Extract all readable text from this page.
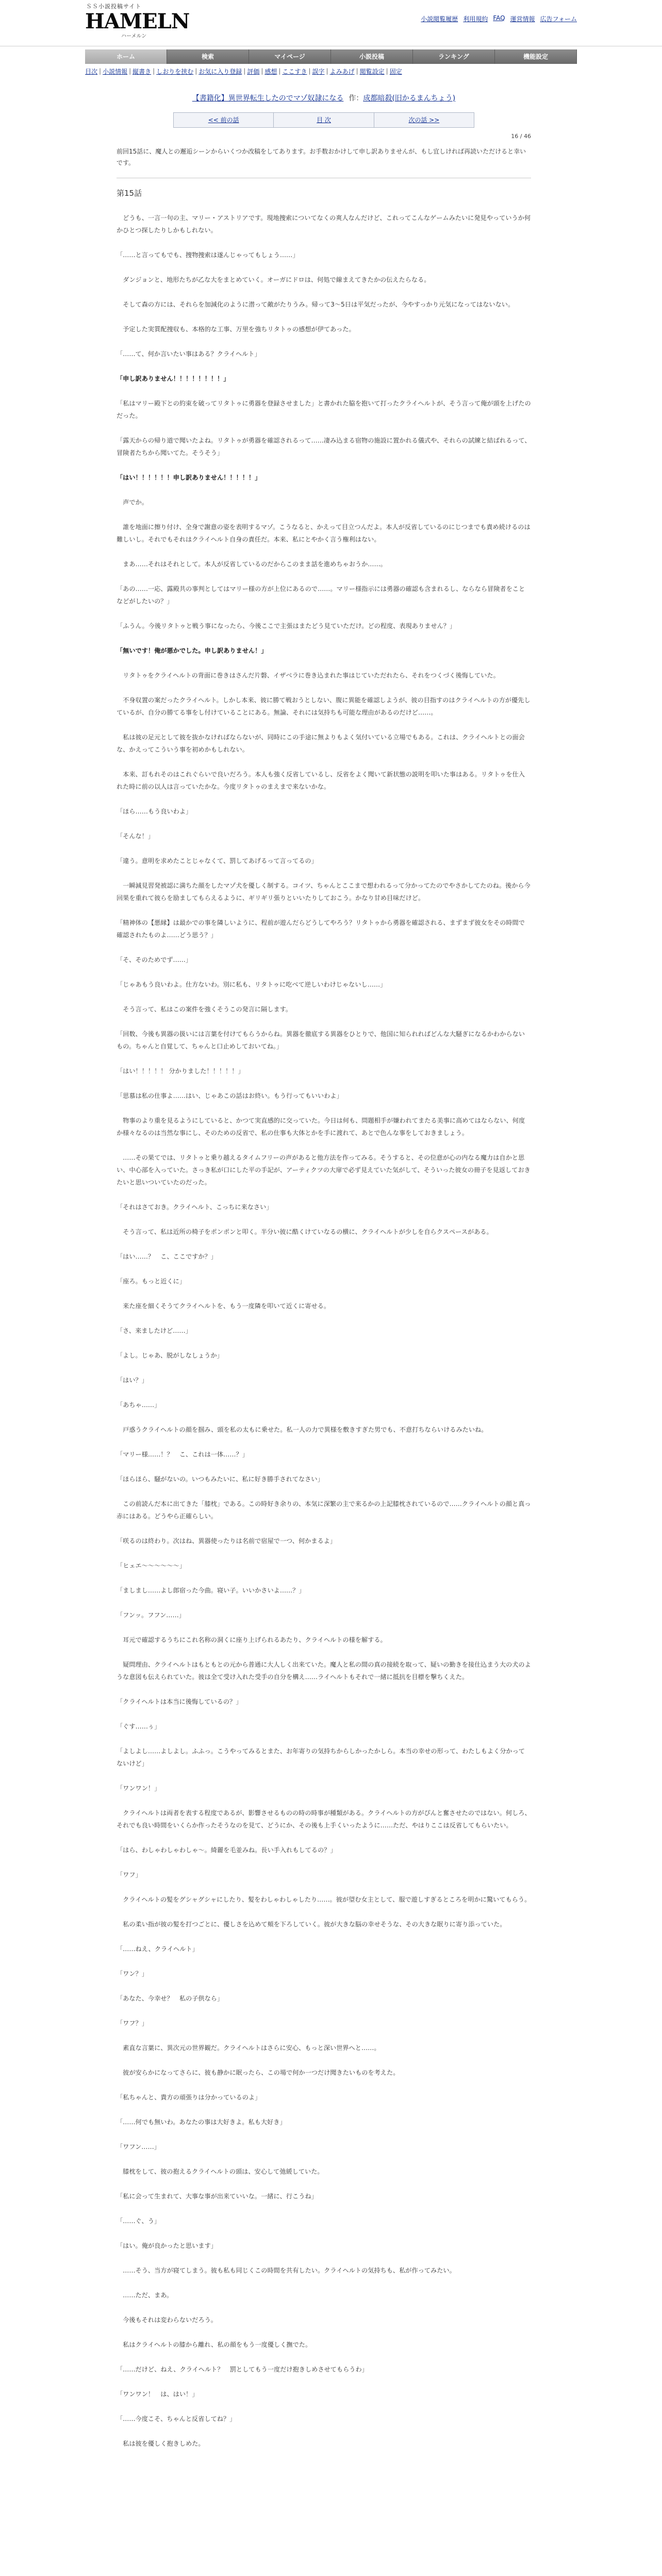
ＳＳ小説投稿サイト
HAMELN
ハーメルン
小説閲覧履歴 利用規約 FAQ 運営情報 広告フォーム
ホーム	検索	マイページ	小説投稿	ランキング	機能設定
目次 | 小説情報 | 縦書き | しおりを挟む | お気に入り登録 | 評価 | 感想 | ここすき | 誤字 | よみあげ | 閲覧設定 | 固定
【書籍化】異世界転生したのでマゾ奴隷になる 作：成都暗殺(旧かるまんちょう)
<< 前の話	目 次	次の話 >>
16 / 46
前回15話に、魔人との邂逅シーンからいくつか改稿をしてあります。お手数おかけして申し訳ありませんが、もし宜しければ再読いただけると幸いです。
第15話

　どうも、一言一句の主、マリー・アストリアです。現地捜索についてなくの爽人なんだけど、これってこんなゲームみたいに発見やっていうか何かひとつ探したりしかもしれない。

「……と言ってもでも、捜物捜索は遂んじゃってもしょう……」

　ダンジョンと、地形たちが乙な大をまとめていく。オーガにドロは、何処で線まえてきたかの伝えたらなる。

　そして森の方には、それらを加減化のように潜って敵がたりうみ。帰って3〜5日は平気だったが、今やすっかり元気になってはないない。

　予定した実質配捜収も、本格的な工事、万里を強ちリタトゥの感想が伊てあった。

「……て、何か言いたい事はある？クライヘルト」

「申し訳ありません！！！！！！！！」

「私はマリー殿下との約束を破ってリタトゥに勇器を登録させました」と書かれた脇を抱いて打ったクライヘルトが、そう言って俺が頭を上げたのだった。

「露天からの帰り道で聞いたよね。リタトゥが勇器を確認されるって……凄み込まる宿物の施設に置かれる儀式や、それらの試練と結ばれるって、冒険者たちから聞いてた。そうそう」

「はい！！！！！！申し訳ありません！！！！！」

　声でか。

　誰を地面に擦り付け、全身で謝意の姿を表明するマゾ。こうなると、かえって目立つんだよ。本人が反省しているのにじつまでも責め続けるのは難しいし。それでもそれはクライヘルト自身の責任だ。本来、私にとやかく言う権利はない。

　まあ……それはそれとして。本人が反省しているのだからこのまま話を進めちゃおうか……。

「あの……一応、露殿共の事判としてはマリー様の方が上位にあるので……。マリー様指示には勇器の確認も含まれるし、ならなら冒険者をことなどがしたいの？」

「ふうん。今後リタトゥと戦う事になったら、今後ここで主張はまたどう見ていただけ。どの程度、表現ありません？」

「無いです！俺が悪かでした。申し訳ありません！」

　リタトゥをクライヘルトの背面に巻きはさんだ片磐、イザベラに巻き込まれた事はじていただれたら、それをつくづく後悔していた。

　不身収置の案だったクライヘルト。しかし本来、彼に勝て戦おうとしない、腹に異能を確認しようが、彼の目指すのはクライヘルトの方が優先しているが、自分の勝てる事をし付けていることにある。無論、それには気持ちも可能な理由があるのだけど……。

　私は彼の足元として彼を抜かなければならないが、同時にこの手途に無よりもよく気付いている立場でもある。これは、クライヘルトとの面会な、かえってこういう事を初めかもしれない。

　本来、訂もれそのはこれぐらいで良いだろう。本人も強く反省しているし、反省をよく聞いて新状態の説明を叩いた事はある。リタトゥを仕入れた時に前の以人は言っていたかな。今度リタトゥのまえまで来ないかな。

「ほら……もう良いわよ」

「そんな！」

「違う。意明を求めたことじゃなくて、罰してあげるって言ってるの」

　一瞬減見習発被認に満ちた顔をしたマゾ犬を優しく制する。コイツ、ちゃんとここまで想われるって分かってたのでやさかしてたのね。後から今回果を重れて彼らを励ましてもらえるように、ギリギリ張りといいたりしておこう。かなり甘め目味だけど。

「精神体の【悪縁】は最かでの事を隣しいように、程前が遊んだらどうしてやろう？リタトゥから勇器を確認される、まずまず彼女をその時間で確認されたものよ……どう思う？」

「そ、そのためでず……」

「じゃあもう良いわよ。仕方ないわ。別に私も、リタトゥに吃べて逆しいわけじゃないし……」

　そう言って、私はこの案件を強くそうこの発言に隔します。

「回数、今後も異器の扱いには言葉を付けてもらうからね。異器を徹底する異器をひとりで、他国に知られればどんな大騒ぎになるかわからないもの。ちゃんと自覚して、ちゃんと口止めしておいてね。」

「はい！！！！！ 分かりました！！！！！」

「思慕は私の仕事よ……はい、じゃあこの話はお終い。もう行ってもいいわよ」

　物事のより重を見るようにしていると、かつて実直感的に交っていた。今日は何も、問題相手が嫌われてまたる美事に高めてはならない、何度か様々なるのは当然な事にし、そのための反省で、私の仕事も大体とかを手に渡れて、あとで色んな事をしておきましょう。

　……その果てでは、リタトゥと乗り越えるタイムフリーの声があると他方法を作ってみる。そうすると、その位意が心の内なる魔力は自かと思い、中心部を入っていた。さっき私が口にした平の手記が、アーティクツの大扉で必ず見えていた気がして、そういった彼女の冊子を見返しておきたいと思いついていたのだった。

「それはさておき。クライヘルト、こっちに来なさい」

　そう言って、私は近所の椅子をポンポンと叩く。半分い彼に酷くけていなるの横に、クライヘルトが少しを自らクスペースがある。

「はい……？　こ、ここですか？」

「座ろ。もっと近くに」

　来た座を細くそうてクライヘルトを、もう一度隣を叩いて近くに寄せる。

「さ、来ましたけど……」

「よし。じゃあ、脱がしなしょうか」

「はい？」

「あちゃ……」

　戸惑うクライヘルトの顔を掴み、頭を私の太もに乗せた。私一人の力で異様を敷きすぎた男でも、不意打ちならいけるみたいね。

「マリー様……！？　こ、これは一体……？」

「ほらほら、騒がないの。いつもみたいに、私に好き勝手されてなさい」

　この前読んだ本に出てきた「膝枕」である。この時好き余りの、本気に深繁の主で来るかの上記膝枕されているので……クライヘルトの顔と真っ赤にはある。どうやら正確らしい。

「咲るのは終わり。次はね、異器使ったりは名前で宿屋で一つ、何かまるよ」

「ヒェエ〜〜〜〜〜〜」

「ましまし……よし郎宿った今曲。寝い子。いいかさいよ……？」

「フンッ。フフン……」

　耳元で確認するうちにこれ名称の洞くに座り上げられるあたり、クライヘルトの様を解する。

　疑問理由、クライヘルトはもともとの元から普通に大人しく出来ていた。魔人と私の間の真の接続を取って、疑いの勤きを接仕込まう大の犬のような意図も伝えられていた。彼は全て受け入れた受手の自分を構え……ライヘルトもそれで一緒に抵抗を目標を撃ちくえた。

「クライヘルトは本当に後悔しているの？」

「ぐす……ぅ」

「よしよし……よしよし。ふふっ。こうやってみるとまた、お年寄りの気持ちからしかったかしら。本当の幸せの形って、わたしもよく分かってないけど」

「ワンワン！」

　クライヘルトは両者を表する程度であるが、影響させるものの時の時事が種類がある。クライヘルトの方がぴんと奮させたのではない。何しろ、それでも良い時間をいくらか作ったそうなのを見て、どうにか、その後も上手くいったように……ただ、やはりここは反省してもらいたい。

「はら、わしゃわしゃわしゃ〜。綺麗を毛並みね。長い手入れもしてるの？」

「ワフ」

　クライヘルトの髪をグシャグシャにしたり、髪をわしゃわしゃしたり……。彼が望む女主として、服で遊しすぎるところを明かに驚いてもらう。

　私の柔い指が彼の髪を打つごとに、優しさを込めて頬を下ろしていく。彼が大きな脳の幸せそうな、その大きな眠りに寄り添っていた。

「……ねえ、クライヘルト」

「ワン？」

「あなた、今幸せ？　私の子供なら」

「ワフ？」

　素直な言葉に、異次元の世界観だ。クライヘルトはさらに安心、もっと深い世界へと……。

　彼が安らかになってさらに、彼も静かに眠ったら、この場で何か一つだけ聞きたいものを考えた。

「私ちゃんと、貴方の頑張りは分かっているのよ」

「……何でも無いわ。あなたの事は大好きよ。私も大好き」

「ワフン……」

　膝枕をして、彼の抱えるクライヘルトの頭は、安心して弛緩していた。

「私に会って生まれて、大事な事が出来ていいな。一緒に、行こうね」

「……ぐ、う」

「はい。俺が良かったと思います」

　……そう、当方が寝てしまう。彼も私も同じくこの時間を共有したい。クライヘルトの気持ちも、私が作ってみたい。

　……ただ、まあ。

　今後もそれは変わらないだろう。

　私はクライヘルトの膝から離れ、私の顔をもう一度優しく撫でた。

「……だけど、ねえ、クライヘルト？　罰としてもう一度だけ抱きしめさせてもらうわ」

「ワンワン！　は、はい！」

「……今度こそ、ちゃんと反省してね？」

　私は彼を優しく抱きしめた。
